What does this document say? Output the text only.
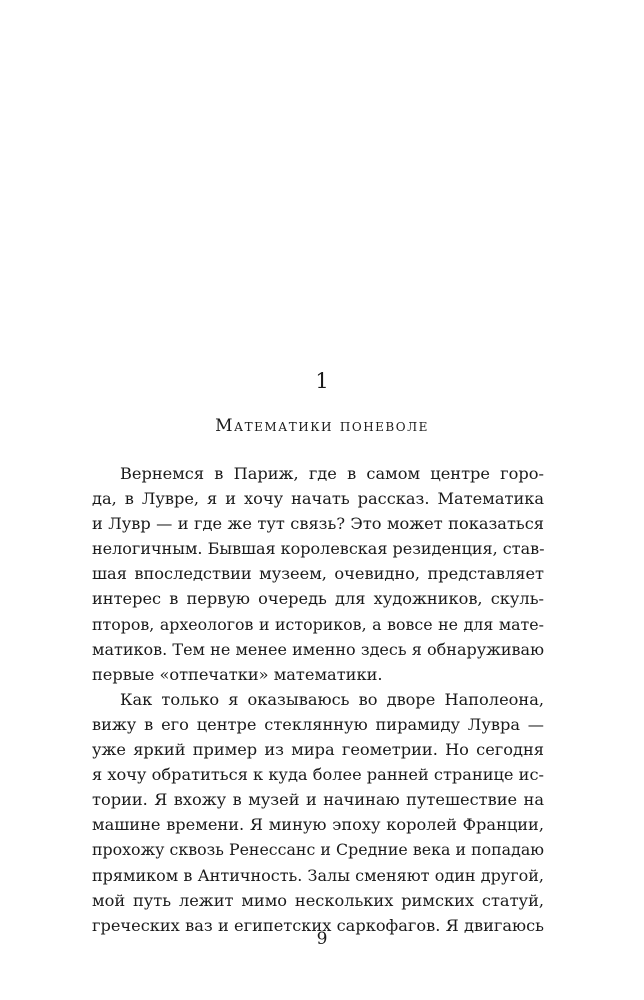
1
Математики поневоле
Вернемся в Париж, где в самом центре горо-
да, в Лувре, я и хочу начать рассказ. Математика
и Лувр — и где же тут связь? Это может показаться
нелогичным. Бывшая королевская резиденция, став-
шая впоследствии музеем, очевидно, представляет
интерес в первую очередь для художников, скуль-
пторов, археологов и историков, а вовсе не для мате-
матиков. Тем не менее именно здесь я обнаруживаю
первые «отпечатки» математики.
Как только я оказываюсь во дворе Наполеона,
вижу в его центре стеклянную пирамиду Лувра —
уже яркий пример из мира геометрии. Но сегодня
я хочу обратиться к куда более ранней странице ис-
тории. Я вхожу в музей и начинаю путешествие на
машине времени. Я миную эпоху королей Франции,
прохожу сквозь Ренессанс и Средние века и попадаю
прямиком в Античность. Залы сменяют один другой,
мой путь лежит мимо нескольких римских статуй,
греческих ваз и египетских саркофагов. Я двигаюсь
9
